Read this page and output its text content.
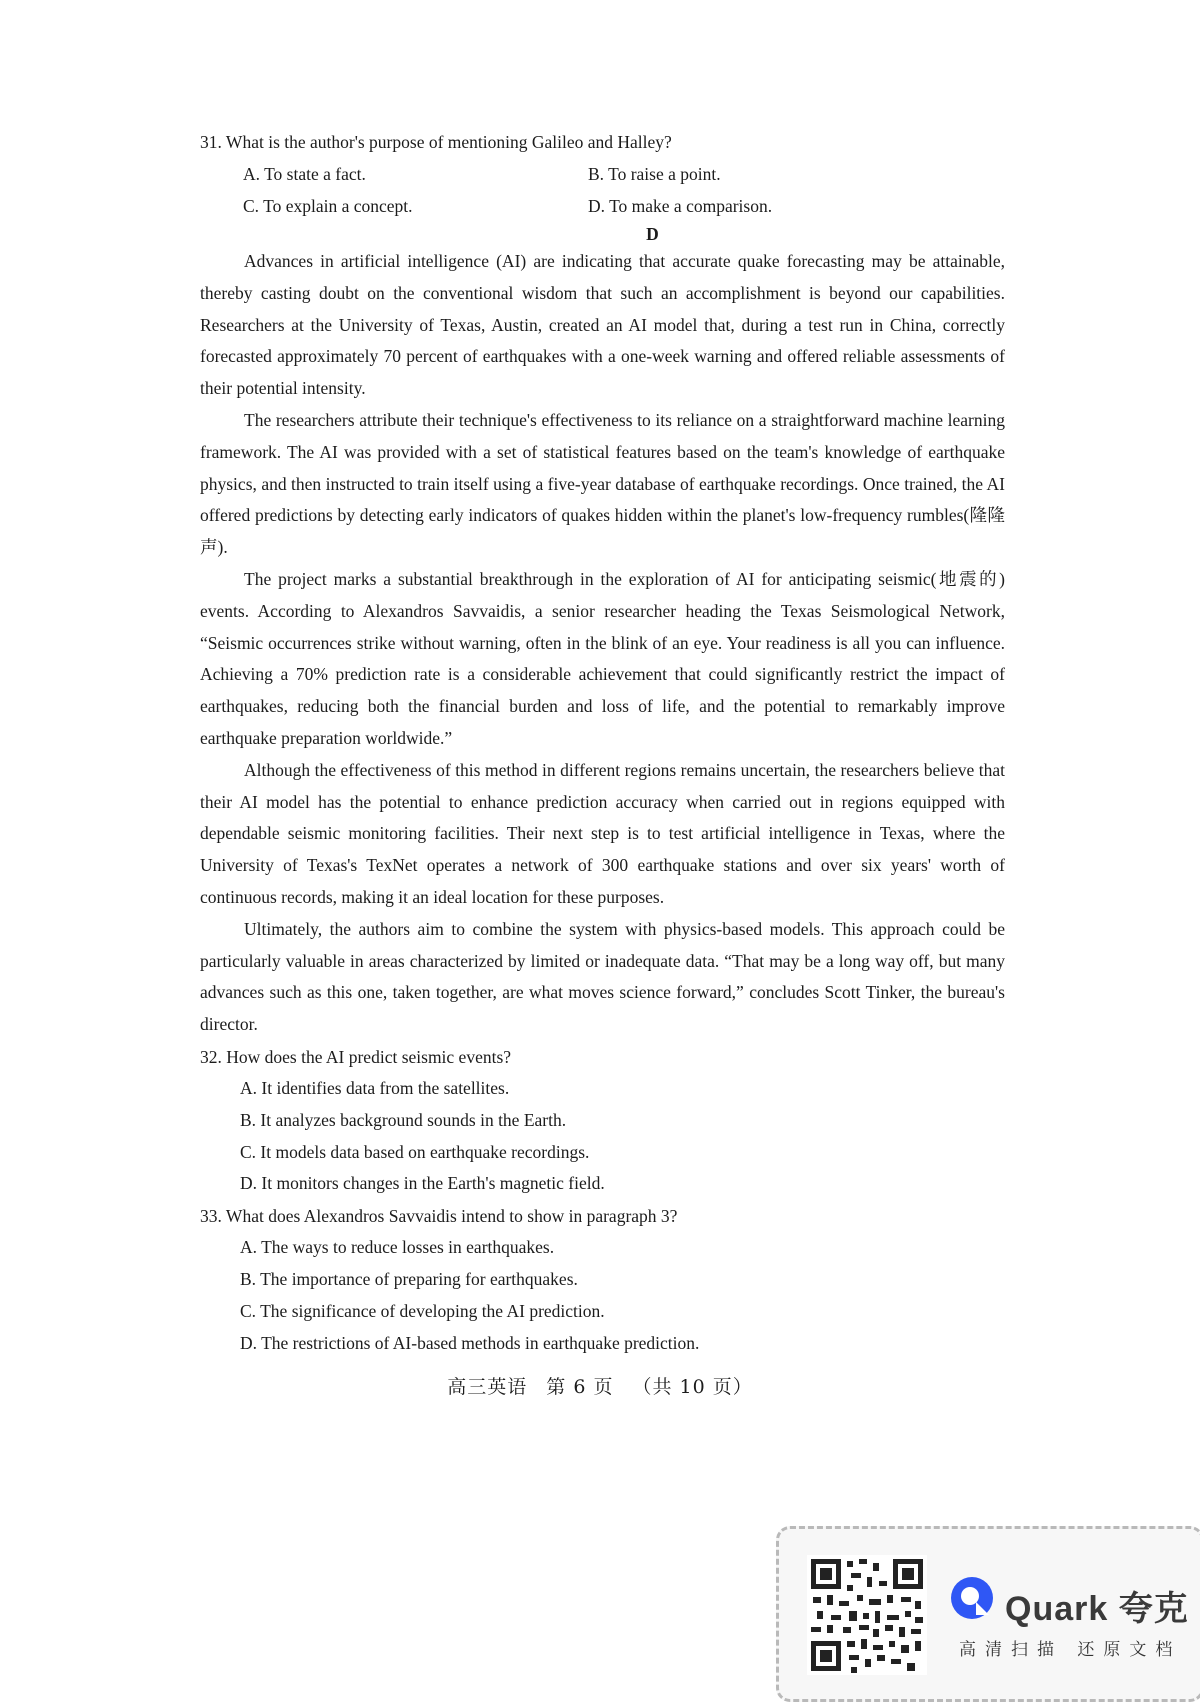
31. What is the author's purpose of mentioning Galileo and Halley?

A. To state a fact.	B. To raise a point.
C. To explain a concept.	D. To make a comparison.
D

Advances in artificial intelligence (AI) are indicating that accurate quake forecasting may be attainable, thereby casting doubt on the conventional wisdom that such an accomplishment is beyond our capabilities. Researchers at the University of Texas, Austin, created an AI model that, during a test run in China, correctly forecasted approximately 70 percent of earthquakes with a one-week warning and offered reliable assessments of their potential intensity.

The researchers attribute their technique's effectiveness to its reliance on a straightforward machine learning framework. The AI was provided with a set of statistical features based on the team's knowledge of earthquake physics, and then instructed to train itself using a five-year database of earthquake recordings. Once trained, the AI offered predictions by detecting early indicators of quakes hidden within the planet's low-frequency rumbles(隆隆声).

The project marks a substantial breakthrough in the exploration of AI for anticipating seismic(地震的) events. According to Alexandros Savvaidis, a senior researcher heading the Texas Seismological Network, “Seismic occurrences strike without warning, often in the blink of an eye. Your readiness is all you can influence. Achieving a 70% prediction rate is a considerable achievement that could significantly restrict the impact of earthquakes, reducing both the financial burden and loss of life, and the potential to remarkably improve earthquake preparation worldwide.”

Although the effectiveness of this method in different regions remains uncertain, the researchers believe that their AI model has the potential to enhance prediction accuracy when carried out in regions equipped with dependable seismic monitoring facilities. Their next step is to test artificial intelligence in Texas, where the University of Texas's TexNet operates a network of 300 earthquake stations and over six years' worth of continuous records, making it an ideal location for these purposes.

Ultimately, the authors aim to combine the system with physics-based models. This approach could be particularly valuable in areas characterized by limited or inadequate data. “That may be a long way off, but many advances such as this one, taken together, are what moves science forward,” concludes Scott Tinker, the bureau's director.

32. How does the AI predict seismic events?

A. It identifies data from the satellites.
B. It analyzes background sounds in the Earth.
C. It models data based on earthquake recordings.
D. It monitors changes in the Earth's magnetic field.

33. What does Alexandros Savvaidis intend to show in paragraph 3?

A. The ways to reduce losses in earthquakes.
B. The importance of preparing for earthquakes.
C. The significance of developing the AI prediction.
D. The restrictions of AI-based methods in earthquake prediction.
高三英语 第 6 页 （共 10 页）
Quark 夸克
高清扫描 还原文档
